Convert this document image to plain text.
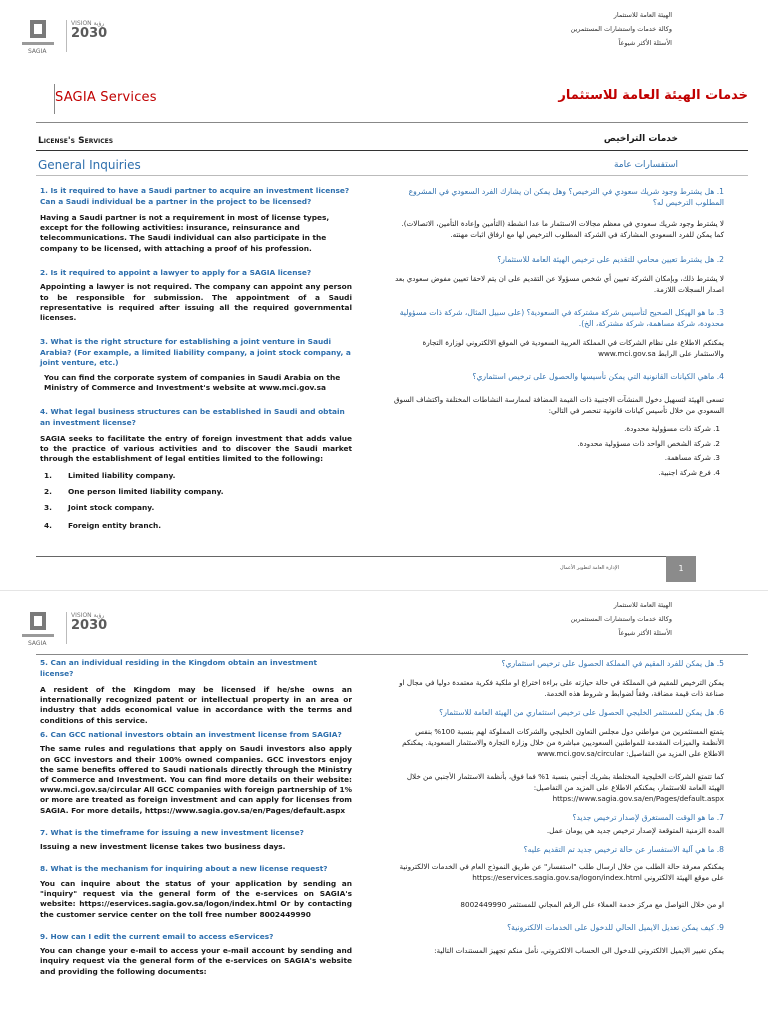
SAGIA
VISION رؤية
2030
الهيئة العامة للاستثمار
وكالة خدمات واستشارات المستثمرين
الأسئلة الأكثر شيوعاً
SAGIA Services	خدمات الهيئة العامة للاستثمار
License's Services	خدمات التراخيص
General Inquiries	استفسارات عامة
1. Is it required to have a Saudi partner to acquire an investment license? Can a Saudi individual be a partner in the project to be licensed?
Having a Saudi partner is not a requirement in most of license types, except for the following activities: insurance, reinsurance and telecommunications. The Saudi individual can also participate in the company to be licensed, with attaching a proof of his profession.
2. Is it required to appoint a lawyer to apply for a SAGIA license?
Appointing a lawyer is not required. The company can appoint any person to be responsible for submission. The appointment of a Saudi representative is required after issuing all the required governmental licenses.
3. What is the right structure for establishing a joint venture in Saudi Arabia? (For example, a limited liability company, a joint stock company, a joint venture, etc.)
You can find the corporate system of companies in Saudi Arabia on the Ministry of Commerce and Investment's website at www.mci.gov.sa
4. What legal business structures can be established in Saudi and obtain an investment license?
SAGIA seeks to facilitate the entry of foreign investment that adds value to the practice of various activities and to discover the Saudi market through the establishment of legal entities limited to the following:
1. Limited liability company.
2. One person limited liability company.
3. Joint stock company.
4. Foreign entity branch.
1. هل يشترط وجود شريك سعودي في الترخيص؟ وهل يمكن ان يشارك الفرد السعودي في المشروع المطلوب الترخيص له؟
لا يشترط وجود شريك سعودي في معظم مجالات الاستثمار ما عدا انشطة (التأمين وإعادة التأمين، الاتصالات). كما يمكن للفرد السعودي المشاركة في الشركة المطلوب الترخيص لها مع ارفاق اثبات مهنته.
2. هل يشترط تعيين محامي للتقديم على ترخيص الهيئة العامة للاستثمار؟
لا يشترط ذلك، وبإمكان الشركة تعيين أي شخص مسؤولا عن التقديم على ان يتم لاحقا تعيين مفوض سعودي بعد اصدار السجلات اللازمة.
3. ما هو الهيكل الصحيح لتأسيس شركة مشتركة في السعودية؟ (على سبيل المثال، شركة ذات مسؤولية محدودة، شركة مساهمة، شركة مشتركة، الخ).
يمكنكم الاطلاع على نظام الشركات في المملكة العربية السعودية في الموقع الالكتروني لوزارة التجارة والاستثمار على الرابط www.mci.gov.sa
4. ماهي الكيانات القانونية التي يمكن تأسيسها والحصول على ترخيص استثماري؟
تسعى الهيئة لتسهيل دخول المنشآت الاجنبية ذات القيمة المضافة لممارسة النشاطات المختلفة واكتشاف السوق السعودي من خلال تأسيس كيانات قانونية تنحصر في التالي:
1. شركة ذات مسؤولية محدودة.
2. شركة الشخص الواحد ذات مسؤولية محدودة.
3. شركة مساهمة.
4. فرع شركة اجنبية.
الإدارة العامة لتطوير الأعمال	1
SAGIA
VISION رؤية
2030
الهيئة العامة للاستثمار
وكالة خدمات واستشارات المستثمرين
الأسئلة الأكثر شيوعاً
5. Can an individual residing in the Kingdom obtain an investment license?
A resident of the Kingdom may be licensed if he/she owns an internationally recognized patent or intellectual property in an area or industry that adds economical value in accordance with the terms and conditions of this service.
6. Can GCC national investors obtain an investment license from SAGIA?
The same rules and regulations that apply on Saudi investors also apply on GCC investors and their 100% owned companies. GCC investors enjoy the same benefits offered to Saudi nationals directly through the Ministry of Commerce and Investment. You can find more details on their website: www.mci.gov.sa/circular All GCC companies with foreign partnership of 1% or more are treated as foreign investment and can apply for licenses from SAGIA. For more details, https://www.sagia.gov.sa/en/Pages/default.aspx
7. What is the timeframe for issuing a new investment license?
Issuing a new investment license takes two business days.
8. What is the mechanism for inquiring about a new license request?
You can inquire about the status of your application by sending an "inquiry" request via the general form of the e-services on SAGIA's website: https://eservices.sagia.gov.sa/logon/index.html Or by contacting the customer service center on the toll free number 8002449990
9. How can I edit the current email to access eServices?
You can change your e-mail to access your e-mail account by sending and inquiry request via the general form of the e-services on SAGIA's website and providing the following documents:
5. هل يمكن للفرد المقيم في المملكة الحصول على ترخيص استثماري؟
يمكن الترخيص للمقيم في المملكة في حالة حيازته على براءة اختراع او ملكية فكرية معتمدة دوليا في مجال او صناعة ذات قيمة مضافة، وفقاً لضوابط و شروط هذه الخدمة.
6. هل يمكن للمستثمر الخليجي الحصول على ترخيص استثماري من الهيئة العامة للاستثمار؟
يتمتع المستثمرين من مواطني دول مجلس التعاون الخليجي والشركات المملوكة لهم بنسبة 100% بنفس الأنظمة والميزات المقدمة للمواطنين السعوديين مباشرة من خلال وزارة التجارة والاستثمار السعودية. يمكنكم الاطلاع على المزيد من التفاصيل: www.mci.gov.sa/circular
كما تتمتع الشركات الخليجية المختلطة بشريك أجنبي بنسبة 1% فما فوق، بأنظمة الاستثمار الأجنبي من خلال الهيئة العامة للاستثمار، يمكنكم الاطلاع على المزيد من التفاصيل: https://www.sagia.gov.sa/en/Pages/default.aspx
7. ما هو الوقت المستغرق لإصدار ترخيص جديد؟
المدة الزمنية المتوقعة لإصدار ترخيص جديد هي يومان عمل.
8. ما هي آلية الاستفسار عن حالة ترخيص جديد تم التقديم عليه؟
يمكنكم معرفة حالة الطلب من خلال ارسال طلب "استفسار" عن طريق النموذج العام في الخدمات الالكترونية على موقع الهيئة الالكتروني https://eservices.sagia.gov.sa/logon/index.html
او من خلال التواصل مع مركز خدمة العملاء على الرقم المجاني للمستثمر 8002449990
9. كيف يمكن تعديل الايميل الحالي للدخول على الخدمات الالكترونية؟
يمكن تغيير الايميل الالكتروني للدخول الى الحساب الالكتروني، نأمل منكم تجهيز المستندات التالية:
